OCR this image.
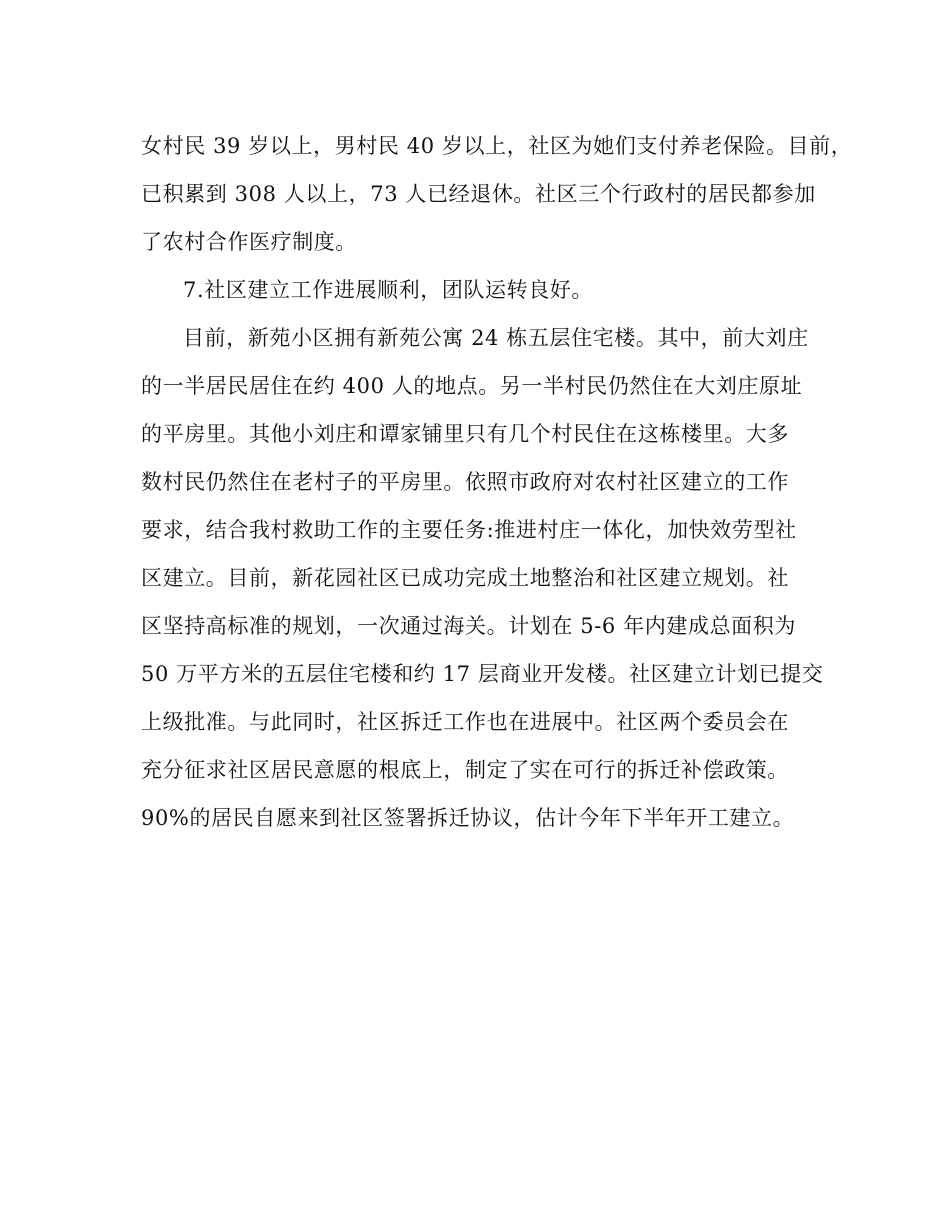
女村民 39 岁以上，男村民 40 岁以上，社区为她们支付养老保险。目前，
已积累到 308 人以上，73 人已经退休。社区三个行政村的居民都参加
了农村合作医疗制度。
7.社区建立工作进展顺利，团队运转良好。
目前，新苑小区拥有新苑公寓 24 栋五层住宅楼。其中，前大刘庄
的一半居民居住在约 400 人的地点。另一半村民仍然住在大刘庄原址
的平房里。其他小刘庄和谭家铺里只有几个村民住在这栋楼里。大多
数村民仍然住在老村子的平房里。依照市政府对农村社区建立的工作
要求，结合我村救助工作的主要任务:推进村庄一体化，加快效劳型社
区建立。目前，新花园社区已成功完成土地整治和社区建立规划。社
区坚持高标准的规划，一次通过海关。计划在 5-6 年内建成总面积为
50 万平方米的五层住宅楼和约 17 层商业开发楼。社区建立计划已提交
上级批准。与此同时，社区拆迁工作也在进展中。社区两个委员会在
充分征求社区居民意愿的根底上，制定了实在可行的拆迁补偿政策。
90%的居民自愿来到社区签署拆迁协议，估计今年下半年开工建立。
